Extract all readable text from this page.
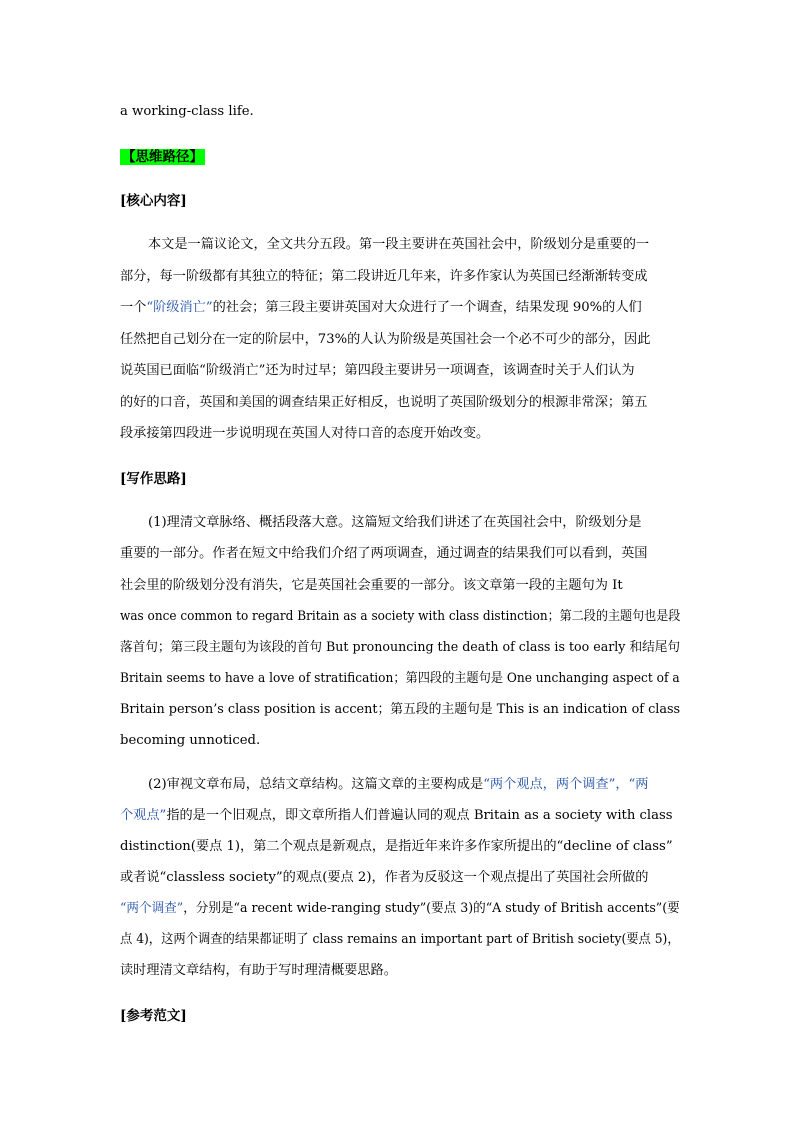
a working-class life.
【思维路径】
[核心内容]
本文是一篇议论文，全文共分五段。第一段主要讲在英国社会中，阶级划分是重要的一
部分，每一阶级都有其独立的特征；第二段讲近几年来，许多作家认为英国已经渐渐转变成
一个“阶级消亡”的社会；第三段主要讲英国对大众进行了一个调查，结果发现 90%的人们
任然把自己划分在一定的阶层中，73%的人认为阶级是英国社会一个必不可少的部分，因此
说英国已面临“阶级消亡”还为时过早；第四段主要讲另一项调查，该调查时关于人们认为
的好的口音，英国和美国的调查结果正好相反，也说明了英国阶级划分的根源非常深；第五
段承接第四段进一步说明现在英国人对待口音的态度开始改变。
[写作思路]
(1)理清文章脉络、概括段落大意。这篇短文给我们讲述了在英国社会中，阶级划分是
重要的一部分。作者在短文中给我们介绍了两项调查，通过调查的结果我们可以看到，英国
社会里的阶级划分没有消失，它是英国社会重要的一部分。该文章第一段的主题句为 It
was once common to regard Britain as a society with class distinction；第二段的主题句也是段
落首句；第三段主题句为该段的首句 But pronouncing the death of class is too early 和结尾句
Britain seems to have a love of stratification；第四段的主题句是 One unchanging aspect of a
Britain person’s class position is accent；第五段的主题句是 This is an indication of class
becoming unnoticed.
(2)审视文章布局，总结文章结构。这篇文章的主要构成是“两个观点，两个调查”，“两
个观点”指的是一个旧观点，即文章所指人们普遍认同的观点 Britain as a society with class
distinction(要点 1)，第二个观点是新观点，是指近年来许多作家所提出的“decline of class”
或者说“classless society”的观点(要点 2)，作者为反驳这一个观点提出了英国社会所做的
“两个调查”，分别是“a recent wide-ranging study”(要点 3)的“A study of British accents”(要
点 4)，这两个调查的结果都证明了 class remains an important part of British society(要点 5)，
读时理清文章结构，有助于写时理清概要思路。
[参考范文]
